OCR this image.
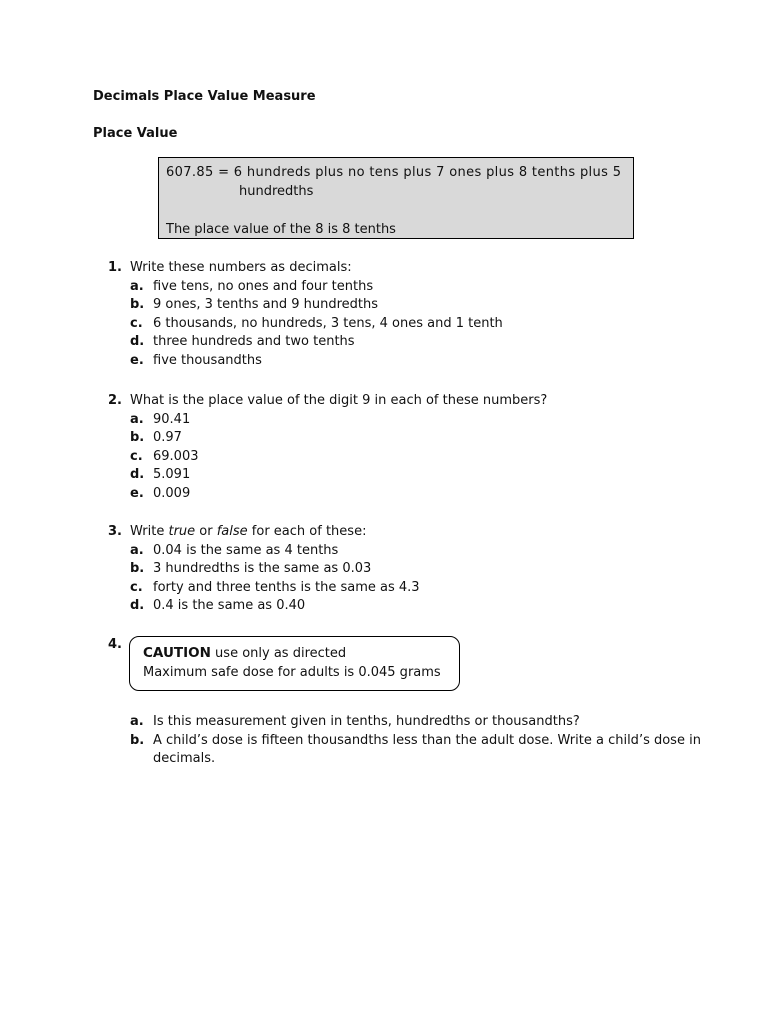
Decimals Place Value Measure
Place Value
607.85 = 6 hundreds plus no tens plus 7 ones plus 8 tenths plus 5
hundredths
The place value of the 8 is 8 tenths
1. Write these numbers as decimals:
a. five tens, no ones and four tenths
b. 9 ones, 3 tenths and 9 hundredths
c. 6 thousands, no hundreds, 3 tens, 4 ones and 1 tenth
d. three hundreds and two tenths
e. five thousandths
2. What is the place value of the digit 9 in each of these numbers?
a. 90.41
b. 0.97
c. 69.003
d. 5.091
e. 0.009
3. Write true or false for each of these:
a. 0.04 is the same as 4 tenths
b. 3 hundredths is the same as 0.03
c. forty and three tenths is the same as 4.3
d. 0.4 is the same as 0.40
4.
CAUTION use only as directed
Maximum safe dose for adults is 0.045 grams
a. Is this measurement given in tenths, hundredths or thousandths?
b. A child’s dose is fifteen thousandths less than the adult dose. Write a child’s dose in decimals.
